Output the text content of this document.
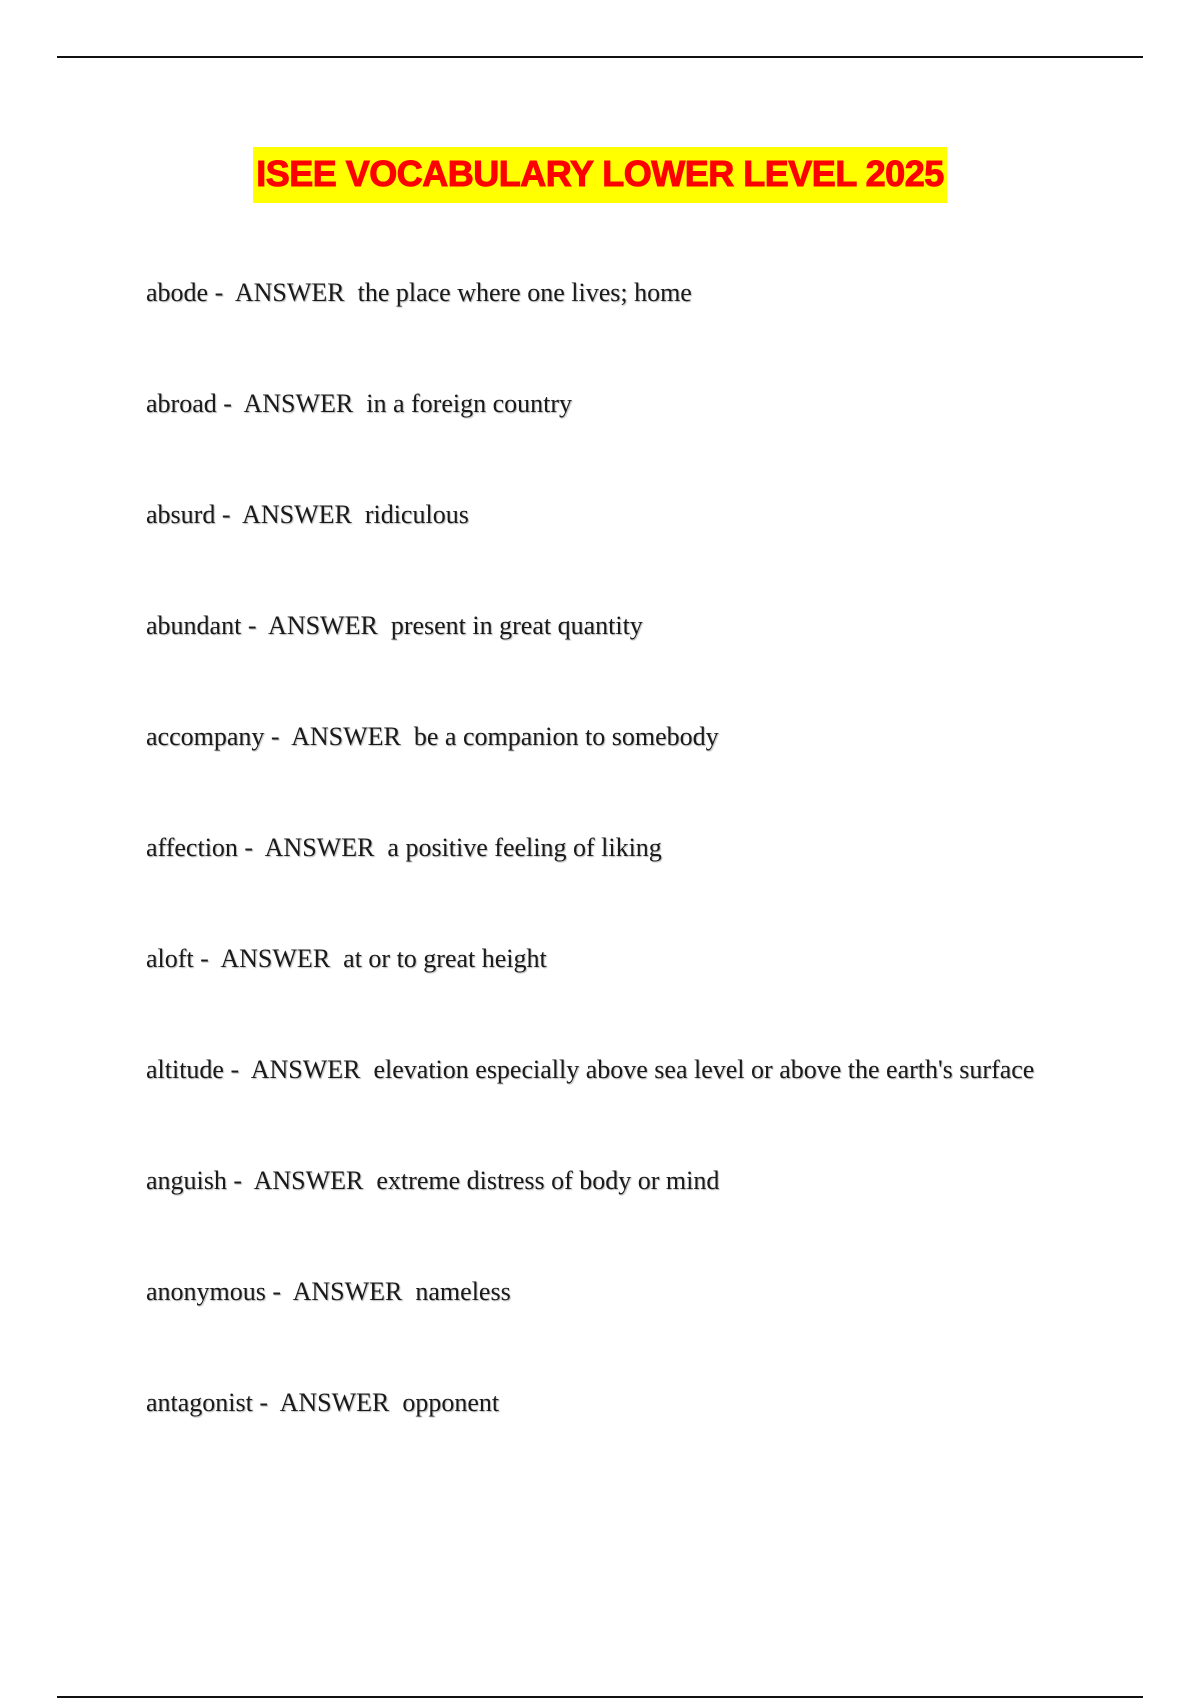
ISEE VOCABULARY LOWER LEVEL 2025
abode -  ANSWER  the place where one lives; home
abroad -  ANSWER  in a foreign country
absurd -  ANSWER  ridiculous
abundant -  ANSWER  present in great quantity
accompany -  ANSWER  be a companion to somebody
affection -  ANSWER  a positive feeling of liking
aloft -  ANSWER  at or to great height
altitude -  ANSWER  elevation especially above sea level or above the earth's surface
anguish -  ANSWER  extreme distress of body or mind
anonymous -  ANSWER  nameless
antagonist -  ANSWER  opponent
